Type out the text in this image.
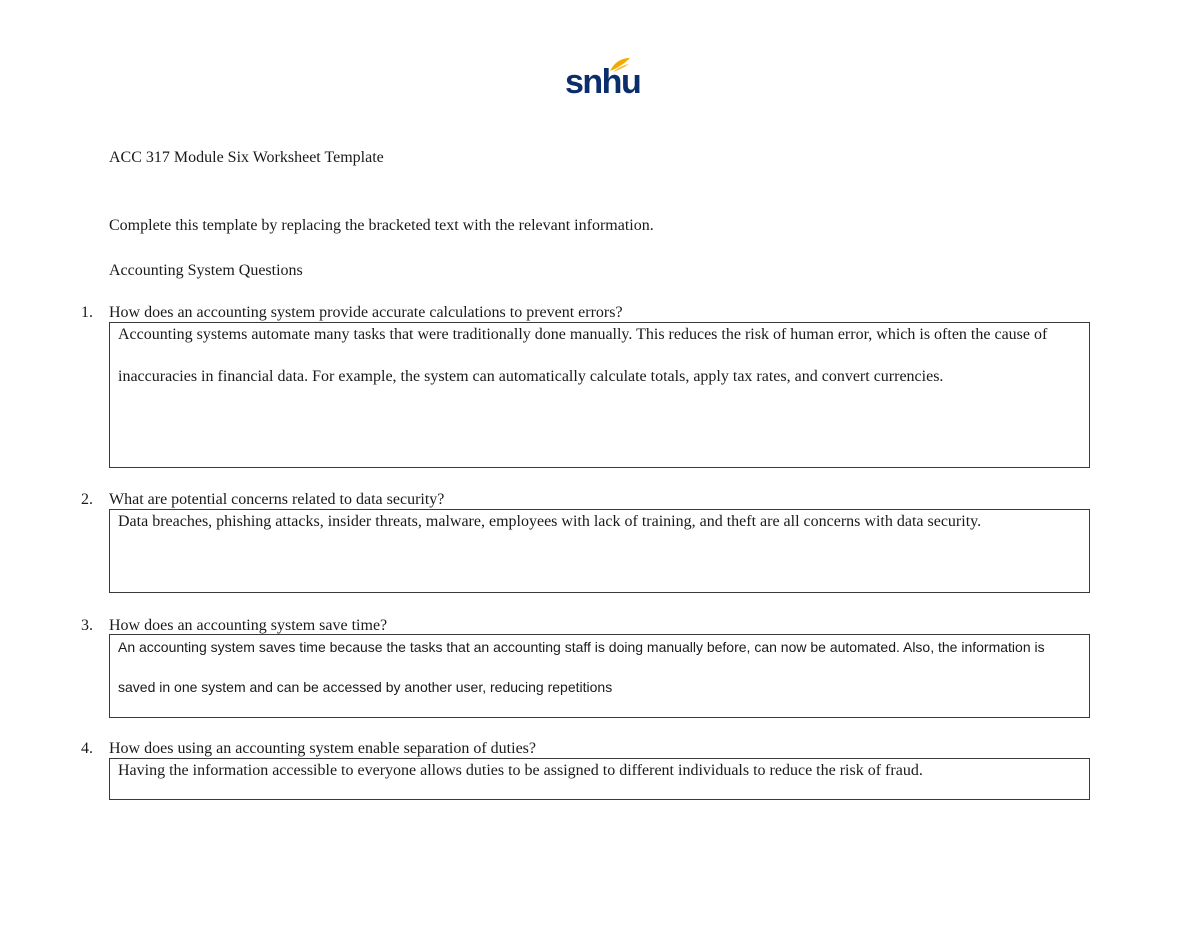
snhu
ACC 317 Module Six Worksheet Template
Complete this template by replacing the bracketed text with the relevant information.
Accounting System Questions
1. How does an accounting system provide accurate calculations to prevent errors?
Accounting systems automate many tasks that were traditionally done manually. This reduces the risk of human error, which is often the cause of inaccuracies in financial data. For example, the system can automatically calculate totals, apply tax rates, and convert currencies.
2. What are potential concerns related to data security?
Data breaches, phishing attacks, insider threats, malware, employees with lack of training, and theft are all concerns with data security.
3. How does an accounting system save time?
An accounting system saves time because the tasks that an accounting staff is doing manually before, can now be automated. Also, the information is saved in one system and can be accessed by another user, reducing repetitions
4. How does using an accounting system enable separation of duties?
Having the information accessible to everyone allows duties to be assigned to different individuals to reduce the risk of fraud.
